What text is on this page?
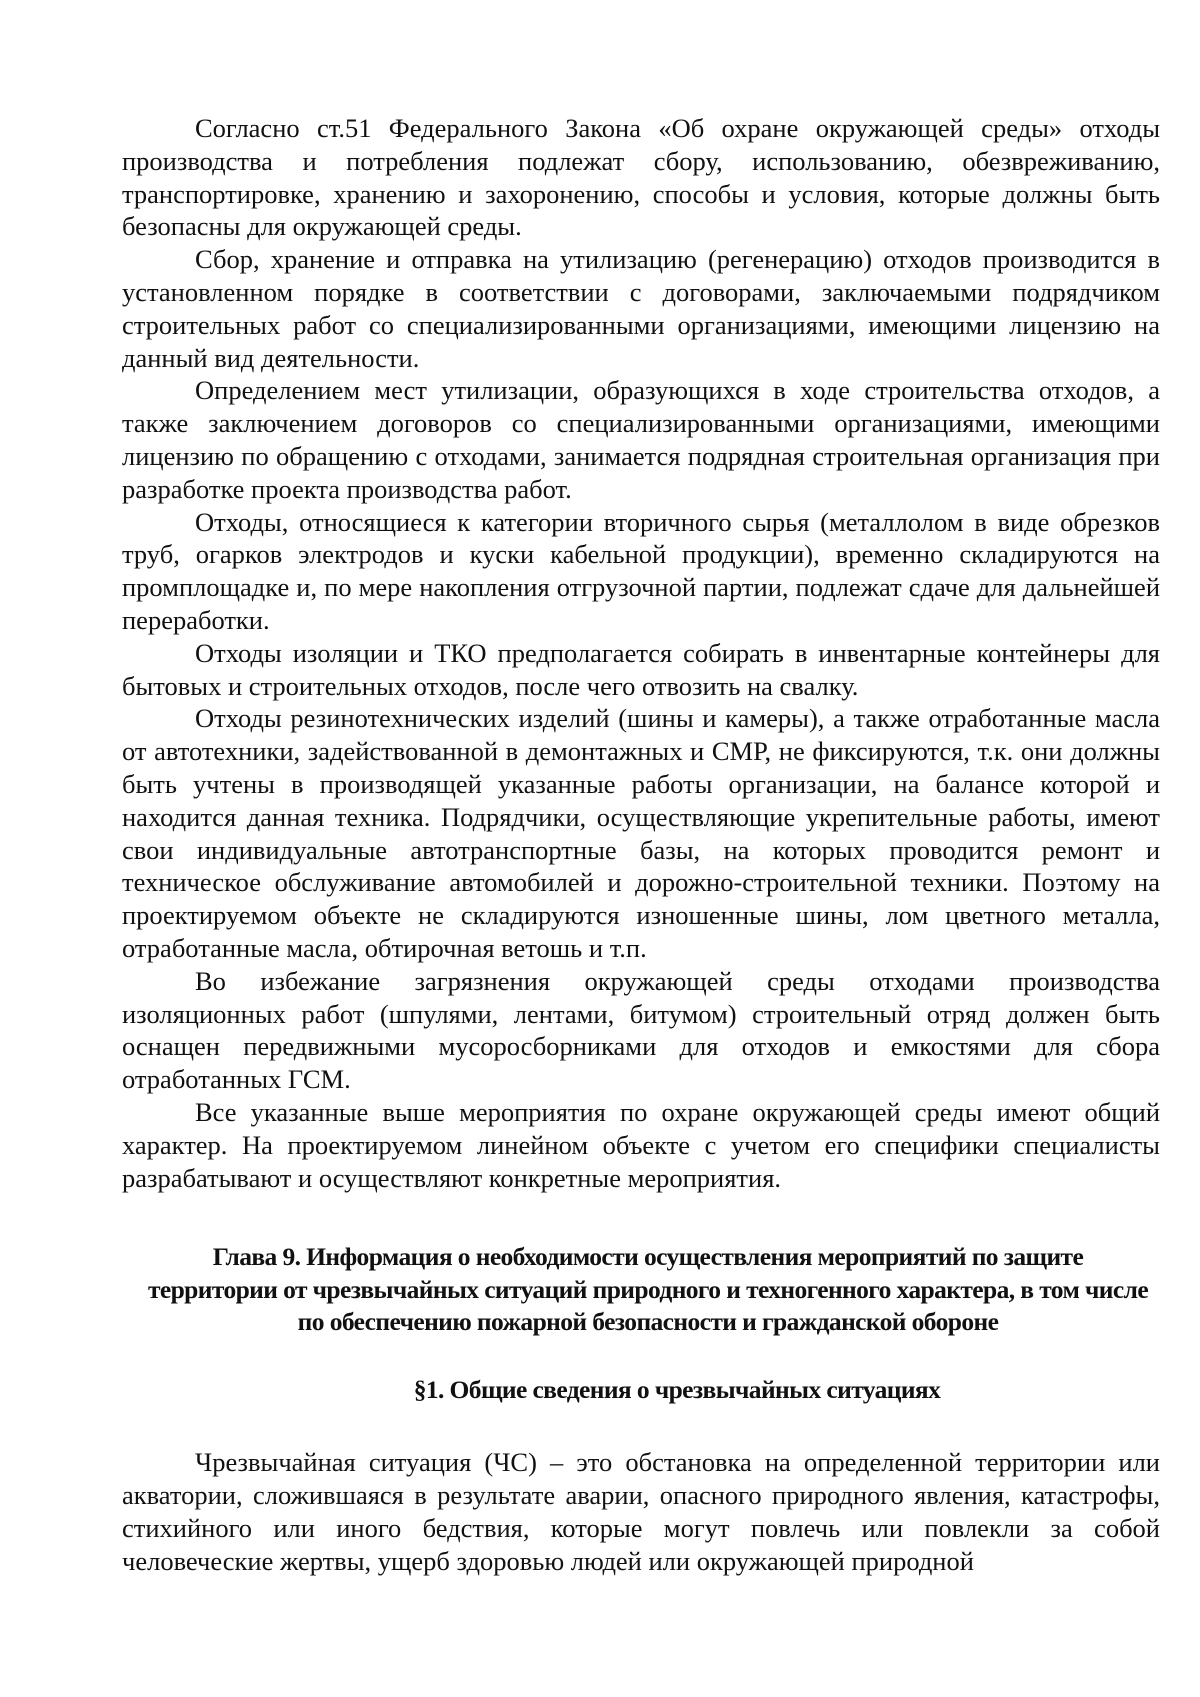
Согласно ст.51 Федерального Закона «Об охране окружающей среды» отходы производства и потребления подлежат сбору, использованию, обезвреживанию, транспортировке, хранению и захоронению, способы и условия, которые должны быть безопасны для окружающей среды.

Сбор, хранение и отправка на утилизацию (регенерацию) отходов производится в установленном порядке в соответствии с договорами, заключаемыми подрядчиком строительных работ со специализированными организациями, имеющими лицензию на данный вид деятельности.

Определением мест утилизации, образующихся в ходе строительства отходов, а также заключением договоров со специализированными организациями, имеющими лицензию по обращению с отходами, занимается подрядная строительная организация при разработке проекта производства работ.

Отходы, относящиеся к категории вторичного сырья (металлолом в виде обрезков труб, огарков электродов и куски кабельной продукции), временно складируются на промплощадке и, по мере накопления отгрузочной партии, подлежат сдаче для дальнейшей переработки.

Отходы изоляции и ТКО предполагается собирать в инвентарные контейнеры для бытовых и строительных отходов, после чего отвозить на свалку.

Отходы резинотехнических изделий (шины и камеры), а также отработанные масла от автотехники, задействованной в демонтажных и СМР, не фиксируются, т.к. они должны быть учтены в производящей указанные работы организации, на балансе которой и находится данная техника. Подрядчики, осуществляющие укрепительные работы, имеют свои индивидуальные автотранспортные базы, на которых проводится ремонт и техническое обслуживание автомобилей и дорожно-строительной техники. Поэтому на проектируемом объекте не складируются изношенные шины, лом цветного металла, отработанные масла, обтирочная ветошь и т.п.

Во избежание загрязнения окружающей среды отходами производства изоляционных работ (шпулями, лентами, битумом) строительный отряд должен быть оснащен передвижными мусоросборниками для отходов и емкостями для сбора отработанных ГСМ.

Все указанные выше мероприятия по охране окружающей среды имеют общий характер. На проектируемом линейном объекте с учетом его специфики специалисты разрабатывают и осуществляют конкретные мероприятия.

Глава 9. Информация о необходимости осуществления мероприятий по защите территории от чрезвычайных ситуаций природного и техногенного характера, в том числе по обеспечению пожарной безопасности и гражданской обороне
§1. Общие сведения о чрезвычайных ситуациях

Чрезвычайная ситуация (ЧС) – это обстановка на определенной территории или акватории, сложившаяся в результате аварии, опасного природного явления, катастрофы, стихийного или иного бедствия, которые могут повлечь или повлекли за собой человеческие жертвы, ущерб здоровью людей или окружающей природной
